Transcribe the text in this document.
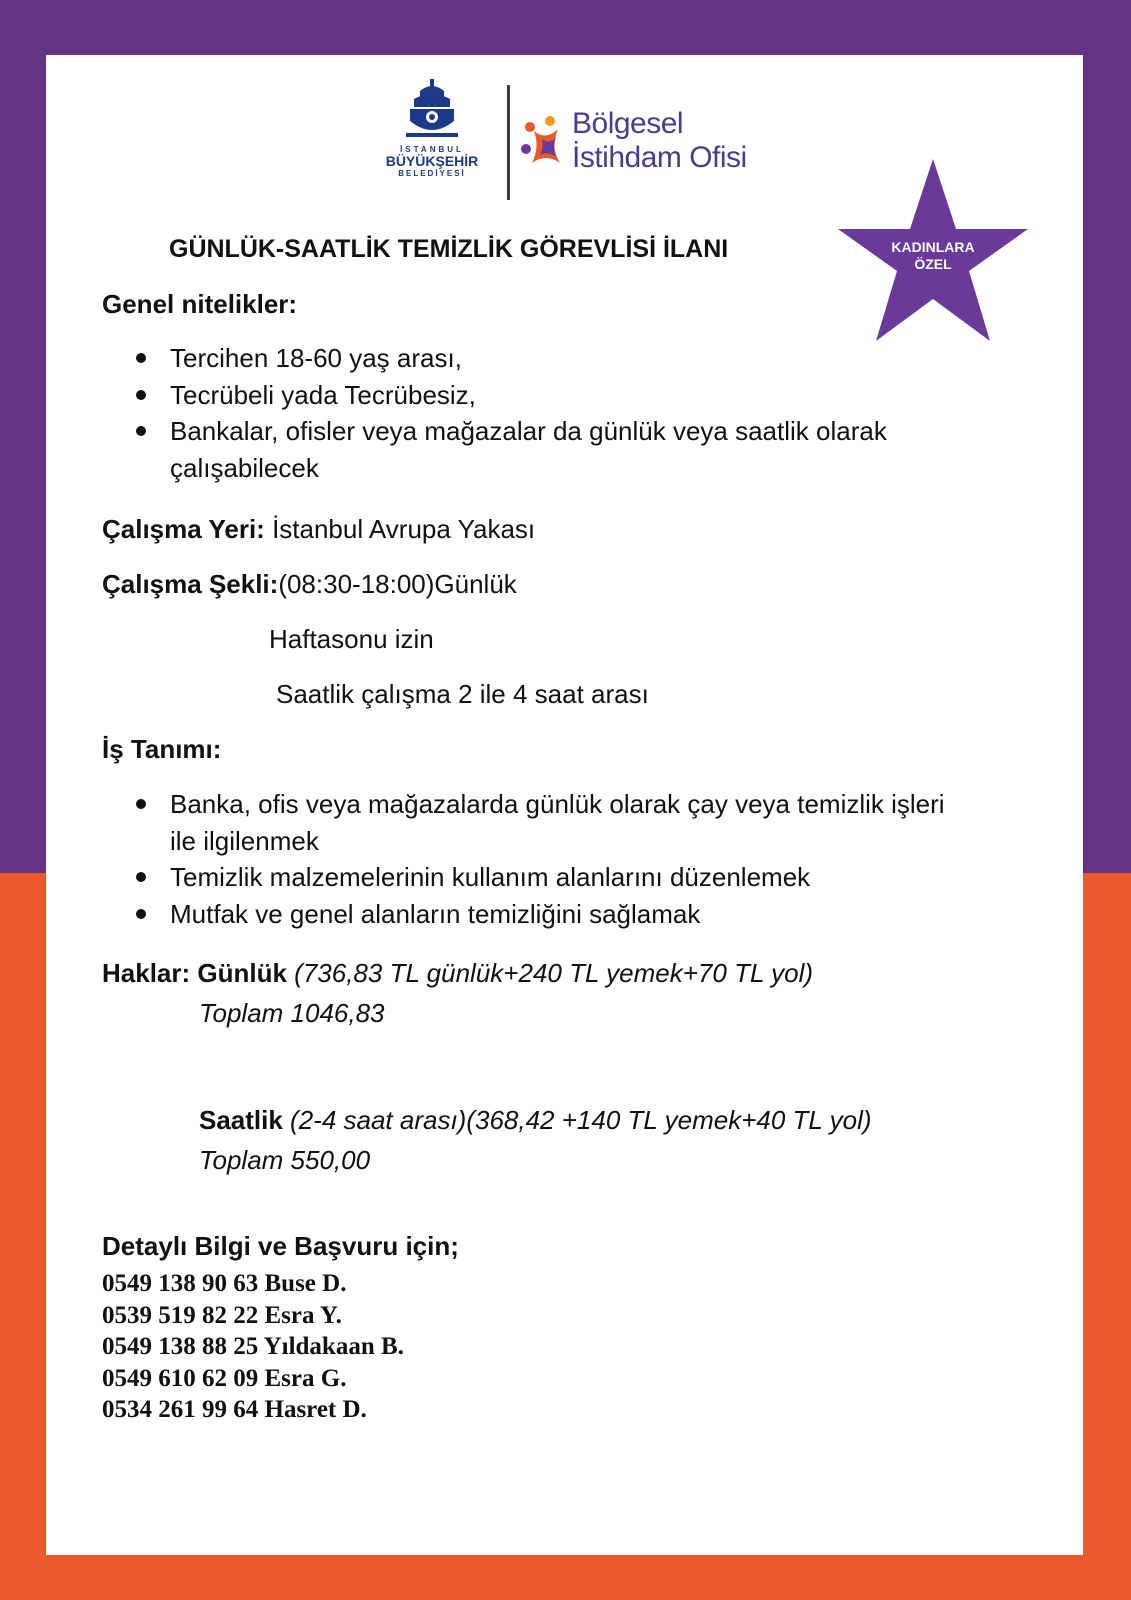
İSTANBUL
BÜYÜKŞEHİR
BELEDİYESİ
Bölgesel
İstihdam Ofisi
KADINLARA
ÖZEL
GÜNLÜK-SAATLİK TEMİZLİK GÖREVLİSİ İLANI
Genel nitelikler:
Tercihen 18-60 yaş arası,
Tecrübeli yada Tecrübesiz,
Bankalar, ofisler veya mağazalar da günlük veya saatlik olarak
çalışabilecek
Çalışma Yeri: İstanbul Avrupa Yakası
Çalışma Şekli:(08:30-18:00)Günlük
Haftasonu izin
Saatlik çalışma 2 ile 4 saat arası
İş Tanımı:
Banka, ofis veya mağazalarda günlük olarak çay veya temizlik işleri
ile ilgilenmek
Temizlik malzemelerinin kullanım alanlarını düzenlemek
Mutfak ve genel alanların temizliğini sağlamak
Haklar: Günlük (736,83 TL günlük+240 TL yemek+70 TL yol)
Toplam 1046,83
Saatlik (2-4 saat arası)(368,42 +140 TL yemek+40 TL yol)
Toplam 550,00
Detaylı Bilgi ve Başvuru için;
0549 138 90 63 Buse D.
0539 519 82 22 Esra Y.
0549 138 88 25 Yıldakaan B.
0549 610 62 09 Esra G.
0534 261 99 64 Hasret D.
